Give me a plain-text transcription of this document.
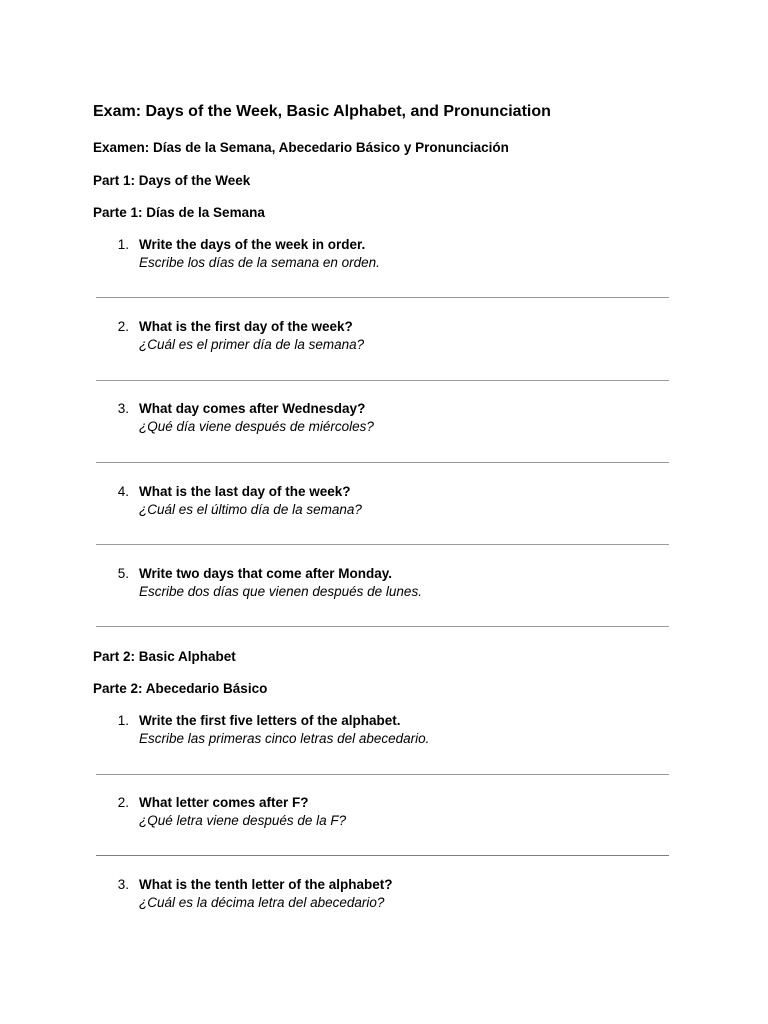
Exam: Days of the Week, Basic Alphabet, and Pronunciation
Examen: Días de la Semana, Abecedario Básico y Pronunciación
Part 1: Days of the Week
Parte 1: Días de la Semana
1. Write the days of the week in order.
Escribe los días de la semana en orden.
2. What is the first day of the week?
¿Cuál es el primer día de la semana?
3. What day comes after Wednesday?
¿Qué día viene después de miércoles?
4. What is the last day of the week?
¿Cuál es el último día de la semana?
5. Write two days that come after Monday.
Escribe dos días que vienen después de lunes.
Part 2: Basic Alphabet
Parte 2: Abecedario Básico
1. Write the first five letters of the alphabet.
Escribe las primeras cinco letras del abecedario.
2. What letter comes after F?
¿Qué letra viene después de la F?
3. What is the tenth letter of the alphabet?
¿Cuál es la décima letra del abecedario?
